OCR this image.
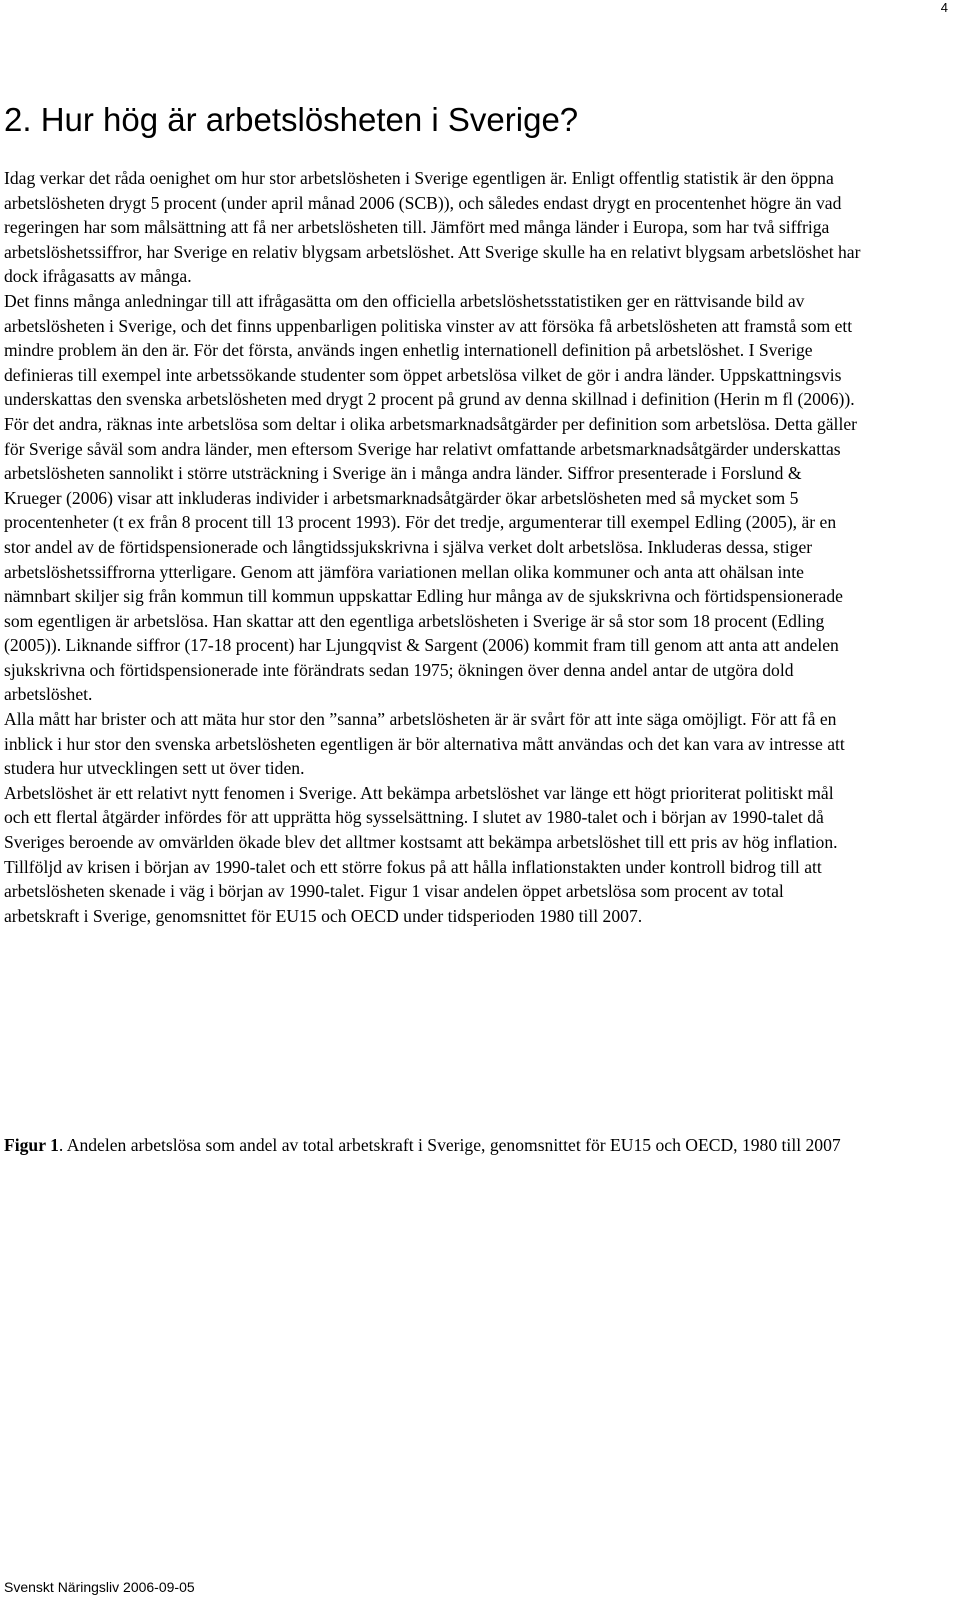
4
2. Hur hög är arbetslösheten i Sverige?

Idag verkar det råda oenighet om hur stor arbetslösheten i Sverige egentligen är. Enligt offentlig statistik är den öppna arbetslösheten drygt 5 procent (under april månad 2006 (SCB)), och således endast drygt en procentenhet högre än vad regeringen har som målsättning att få ner arbetslösheten till. Jämfört med många länder i Europa, som har två siffriga arbetslöshetssiffror, har Sverige en relativ blygsam arbetslöshet. Att Sverige skulle ha en relativt blygsam arbetslöshet har dock ifrågasatts av många.

Det finns många anledningar till att ifrågasätta om den officiella arbetslöshetsstatistiken ger en rättvisande bild av arbetslösheten i Sverige, och det finns uppenbarligen politiska vinster av att försöka få arbetslösheten att framstå som ett mindre problem än den är. För det första, används ingen enhetlig internationell definition på arbetslöshet. I Sverige definieras till exempel inte arbetssökande studenter som öppet arbetslösa vilket de gör i andra länder. Uppskattningsvis underskattas den svenska arbetslösheten med drygt 2 procent på grund av denna skillnad i definition (Herin m fl (2006)). För det andra, räknas inte arbetslösa som deltar i olika arbetsmarknadsåtgärder per definition som arbetslösa. Detta gäller för Sverige såväl som andra länder, men eftersom Sverige har relativt omfattande arbetsmarknadsåtgärder underskattas arbetslösheten sannolikt i större utsträckning i Sverige än i många andra länder. Siffror presenterade i Forslund & Krueger (2006) visar att inkluderas individer i arbetsmarknadsåtgärder ökar arbetslösheten med så mycket som 5 procentenheter (t ex från 8 procent till 13 procent 1993). För det tredje, argumenterar till exempel Edling (2005), är en stor andel av de förtidspensionerade och långtidssjukskrivna i själva verket dolt arbetslösa. Inkluderas dessa, stiger arbetslöshetssiffrorna ytterligare. Genom att jämföra variationen mellan olika kommuner och anta att ohälsan inte nämnbart skiljer sig från kommun till kommun uppskattar Edling hur många av de sjukskrivna och förtidspensionerade som egentligen är arbetslösa. Han skattar att den egentliga arbetslösheten i Sverige är så stor som 18 procent (Edling (2005)). Liknande siffror (17-18 procent) har Ljungqvist & Sargent (2006) kommit fram till genom att anta att andelen sjukskrivna och förtidspensionerade inte förändrats sedan 1975; ökningen över denna andel antar de utgöra dold arbetslöshet.

Alla mått har brister och att mäta hur stor den ”sanna” arbetslösheten är är svårt för att inte säga omöjligt. För att få en inblick i hur stor den svenska arbetslösheten egentligen är bör alternativa mått användas och det kan vara av intresse att studera hur utvecklingen sett ut över tiden.

Arbetslöshet är ett relativt nytt fenomen i Sverige. Att bekämpa arbetslöshet var länge ett högt prioriterat politiskt mål och ett flertal åtgärder infördes för att upprätta hög sysselsättning. I slutet av 1980-talet och i början av 1990-talet då Sveriges beroende av omvärlden ökade blev det alltmer kostsamt att bekämpa arbetslöshet till ett pris av hög inflation. Tillföljd av krisen i början av 1990-talet och ett större fokus på att hålla inflationstakten under kontroll bidrog till att arbetslösheten skenade i väg i början av 1990-talet. Figur 1 visar andelen öppet arbetslösa som procent av total arbetskraft i Sverige, genomsnittet för EU15 och OECD under tidsperioden 1980 till 2007.

Figur 1. Andelen arbetslösa som andel av total arbetskraft i Sverige, genomsnittet för EU15 och OECD, 1980 till 2007

Svenskt Näringsliv 2006-09-05
